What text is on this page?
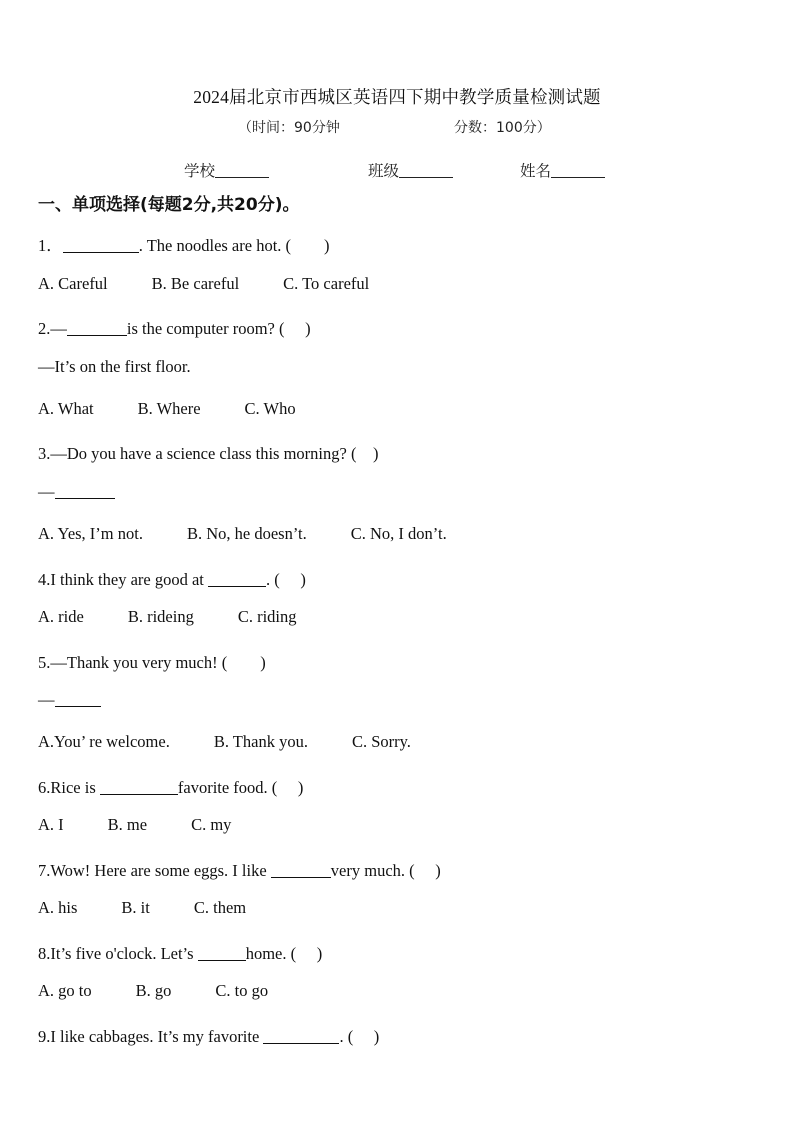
2024届北京市西城区英语四下期中教学质量检测试题
（时间：90分钟	分数：100分）
学校	班级	姓名
一、单项选择(每题2分,共20分)。
1．	. The noodles are hot. (　　)
A. Careful	B. Be careful	C. To careful
2.—	is the computer room? (　 )
—It’s on the first floor.
A. What	B. Where	C. Who
3.—Do you have a science class this morning? (　)
—
A. Yes, I’m not.	B. No, he doesn’t.	C. No, I don’t.
4.I think they are good at	. (　 )
A. ride	B. rideing	C. riding
5.—Thank you very much! (　　)
—
A.You’ re welcome.	B. Thank you.	C. Sorry.
6.Rice is	favorite food. (　 )
A. I	B. me	C. my
7.Wow! Here are some eggs. I like	very much. (　 )
A. his	B. it	C. them
8.It’s five o'clock. Let’s	home. (　 )
A. go to	B. go	C. to go
9.I like cabbages. It’s my favorite	. (　 )
